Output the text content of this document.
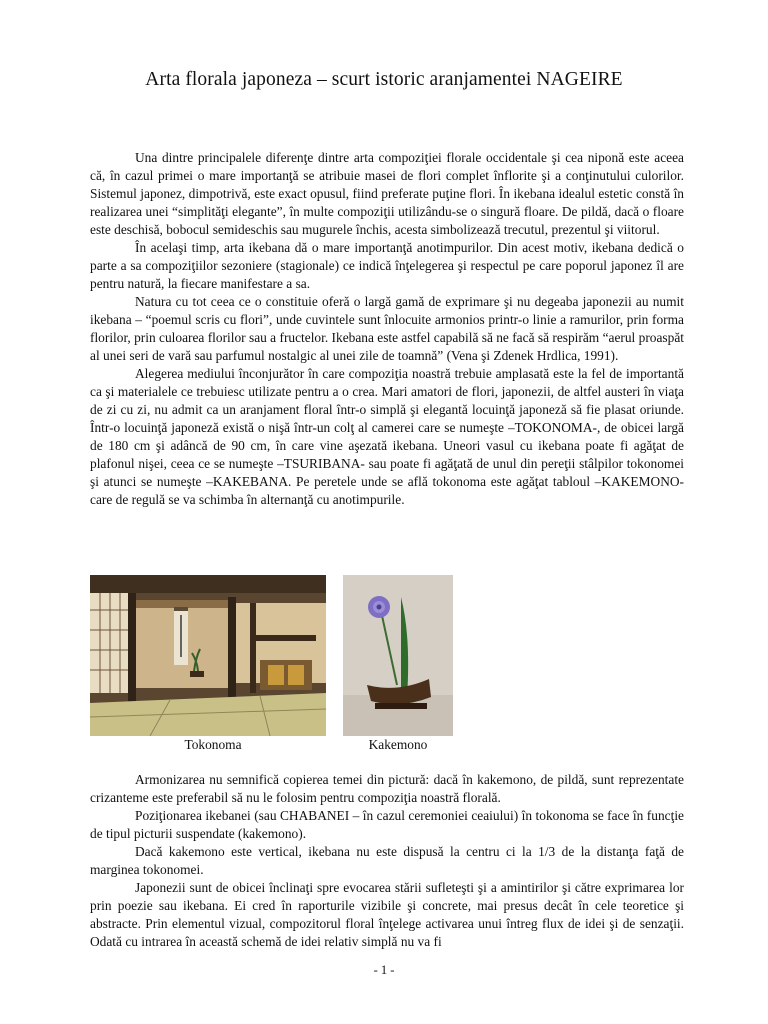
Arta florala japoneza – scurt istoric aranjamentei NAGEIRE

Una dintre principalele diferenţe dintre arta compoziţiei florale occidentale şi cea niponă este aceea că, în cazul primei o mare importanţă se atribuie masei de flori complet înflorite şi a conţinutului culorilor. Sistemul japonez, dimpotrivă, este exact opusul, fiind preferate puţine flori. În ikebana idealul estetic constă în realizarea unei “simplităţi elegante”, în multe compoziţii utilizându-se o singură floare. De pildă, dacă o floare este deschisă, bobocul semideschis sau mugurele închis, acesta simbolizează trecutul, prezentul şi viitorul.

În acelaşi timp, arta ikebana dă o mare importanţă anotimpurilor. Din acest motiv, ikebana dedică o parte a sa compoziţiilor sezoniere (stagionale) ce indică înţelegerea şi respectul pe care poporul japonez îl are pentru natură, la fiecare manifestare a sa.

Natura cu tot ceea ce o constituie oferă o largă gamă de exprimare şi nu degeaba japonezii au numit ikebana – “poemul scris cu flori”, unde cuvintele sunt înlocuite armonios printr-o linie a ramurilor, prin forma florilor, prin culoarea florilor sau a fructelor. Ikebana este astfel capabilă să ne facă să respirăm “aerul proaspăt al unei seri de vară sau parfumul nostalgic al unei zile de toamnă” (Vena şi Zdenek Hrdlica, 1991).

Alegerea mediului înconjurător în care compoziţia noastră trebuie amplasată este la fel de importantă ca şi materialele ce trebuiesc utilizate pentru a o crea. Mari amatori de flori, japonezii, de altfel austeri în viaţa de zi cu zi, nu admit ca un aranjament floral într-o simplă şi elegantă locuinţă japoneză să fie plasat oriunde. Într-o locuinţă japoneză există o nişă într-un colţ al camerei care se numeşte –TOKONOMA-, de obicei largă de 180 cm şi adâncă de 90 cm, în care vine aşezată ikebana. Uneori vasul cu ikebana poate fi agăţat de plafonul nişei, ceea ce se numeşte –TSURIBANA- sau poate fi agăţată de unul din pereţii stâlpilor tokonomei şi atunci se numeşte –KAKEBANA. Pe peretele unde se află tokonoma este agăţat tabloul –KAKEMONO- care de regulă se va schimba în alternanţă cu anotimpurile.

Tokonoma	Kakemono

Armonizarea nu semnifică copierea temei din pictură: dacă în kakemono, de pildă, sunt reprezentate crizanteme este preferabil să nu le folosim pentru compoziţia noastră florală.

Poziţionarea ikebanei (sau CHABANEI – în cazul ceremoniei ceaiului) în tokonoma se face în funcţie de tipul picturii suspendate (kakemono).

Dacă kakemono este vertical, ikebana nu este dispusă la centru ci la 1/3 de la distanţa faţă de marginea tokonomei.

Japonezii sunt de obicei înclinaţi spre evocarea stării sufleteşti şi a amintirilor şi către exprimarea lor prin poezie sau ikebana. Ei cred în raporturile vizibile şi concrete, mai presus decât în cele teoretice şi abstracte. Prin elementul vizual, compozitorul floral înţelege activarea unui întreg flux de idei şi de senzaţii. Odată cu intrarea în această schemă de idei relativ simplă nu va fi

- 1 -
